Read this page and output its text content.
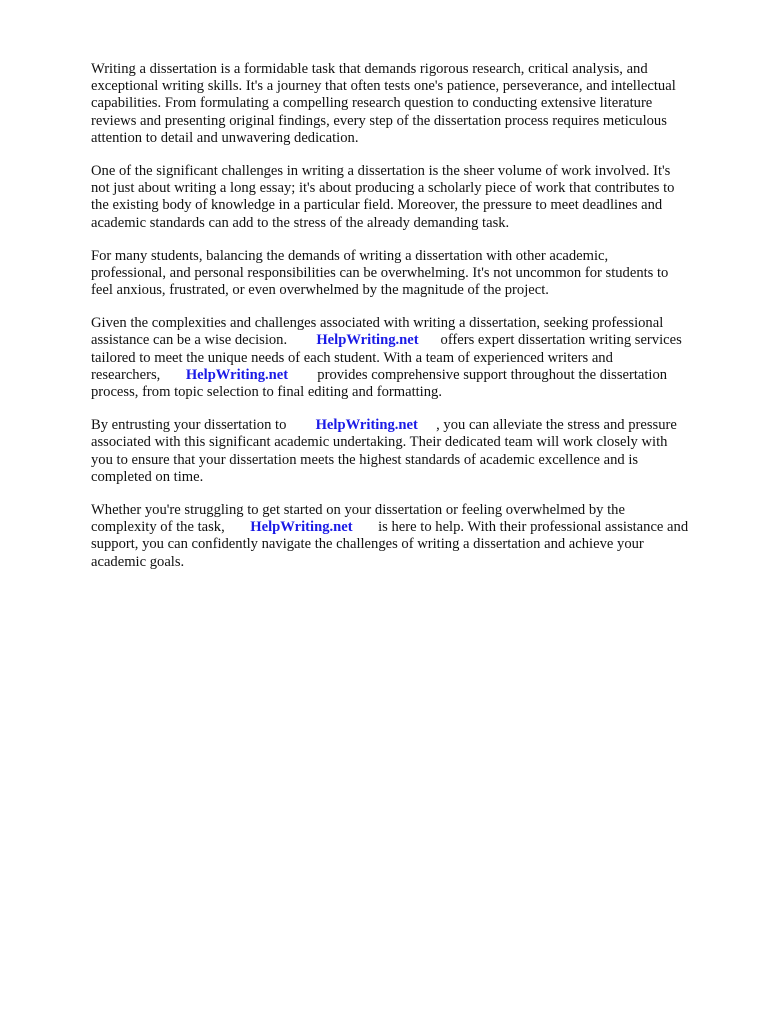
Writing a dissertation is a formidable task that demands rigorous research, critical analysis, and
exceptional writing skills. It's a journey that often tests one's patience, perseverance, and intellectual
capabilities. From formulating a compelling research question to conducting extensive literature
reviews and presenting original findings, every step of the dissertation process requires meticulous
attention to detail and unwavering dedication.
One of the significant challenges in writing a dissertation is the sheer volume of work involved. It's
not just about writing a long essay; it's about producing a scholarly piece of work that contributes to
the existing body of knowledge in a particular field. Moreover, the pressure to meet deadlines and
academic standards can add to the stress of the already demanding task.
For many students, balancing the demands of writing a dissertation with other academic,
professional, and personal responsibilities can be overwhelming. It's not uncommon for students to
feel anxious, frustrated, or even overwhelmed by the magnitude of the project.
Given the complexities and challenges associated with writing a dissertation, seeking professional
assistance can be a wise decision.        HelpWriting.net      offers expert dissertation writing services
tailored to meet the unique needs of each student. With a team of experienced writers and
researchers,       HelpWriting.net        provides comprehensive support throughout the dissertation
process, from topic selection to final editing and formatting.
By entrusting your dissertation to        HelpWriting.net     , you can alleviate the stress and pressure
associated with this significant academic undertaking. Their dedicated team will work closely with
you to ensure that your dissertation meets the highest standards of academic excellence and is
completed on time.
Whether you're struggling to get started on your dissertation or feeling overwhelmed by the
complexity of the task,       HelpWriting.net       is here to help. With their professional assistance and
support, you can confidently navigate the challenges of writing a dissertation and achieve your
academic goals.
